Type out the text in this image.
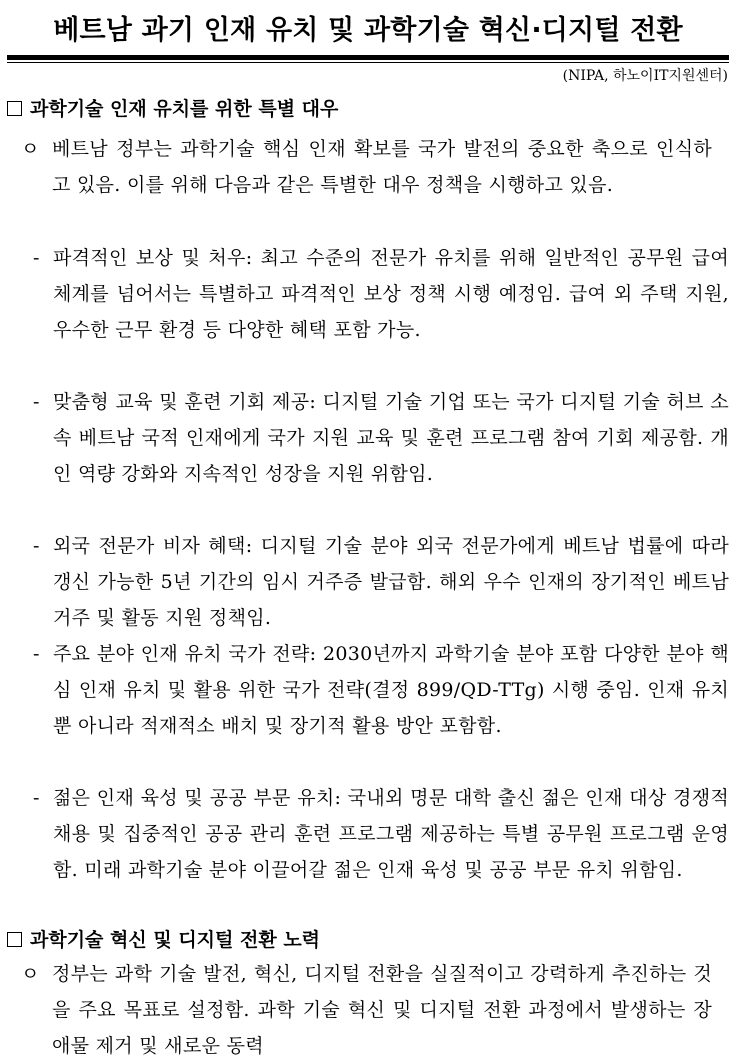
베트남 과기 인재 유치 및 과학기술 혁신·디지털 전환
(NIPA, 하노이IT지원센터)
과학기술 인재 유치를 위한 특별 대우
ㅇ 베트남 정부는 과학기술 핵심 인재 확보를 국가 발전의 중요한 축으로 인식하고 있음. 이를 위해 다음과 같은 특별한 대우 정책을 시행하고 있음.
- 파격적인 보상 및 처우: 최고 수준의 전문가 유치를 위해 일반적인 공무원 급여 체계를 넘어서는 특별하고 파격적인 보상 정책 시행 예정임. 급여 외 주택 지원, 우수한 근무 환경 등 다양한 혜택 포함 가능.
- 맞춤형 교육 및 훈련 기회 제공: 디지털 기술 기업 또는 국가 디지털 기술 허브 소속 베트남 국적 인재에게 국가 지원 교육 및 훈련 프로그램 참여 기회 제공함. 개인 역량 강화와 지속적인 성장을 지원 위함임.
- 외국 전문가 비자 혜택: 디지털 기술 분야 외국 전문가에게 베트남 법률에 따라 갱신 가능한 5년 기간의 임시 거주증 발급함. 해외 우수 인재의 장기적인 베트남 거주 및 활동 지원 정책임.
- 주요 분야 인재 유치 국가 전략: 2030년까지 과학기술 분야 포함 다양한 분야 핵심 인재 유치 및 활용 위한 국가 전략(결정 899/QD-TTg) 시행 중임. 인재 유치뿐 아니라 적재적소 배치 및 장기적 활용 방안 포함함.
- 젊은 인재 육성 및 공공 부문 유치: 국내외 명문 대학 출신 젊은 인재 대상 경쟁적 채용 및 집중적인 공공 관리 훈련 프로그램 제공하는 특별 공무원 프로그램 운영함. 미래 과학기술 분야 이끌어갈 젊은 인재 육성 및 공공 부문 유치 위함임.
과학기술 혁신 및 디지털 전환 노력
ㅇ 정부는 과학 기술 발전, 혁신, 디지털 전환을 실질적이고 강력하게 추진하는 것을 주요 목표로 설정함. 과학 기술 혁신 및 디지털 전환 과정에서 발생하는 장애물 제거 및 새로운 동력
